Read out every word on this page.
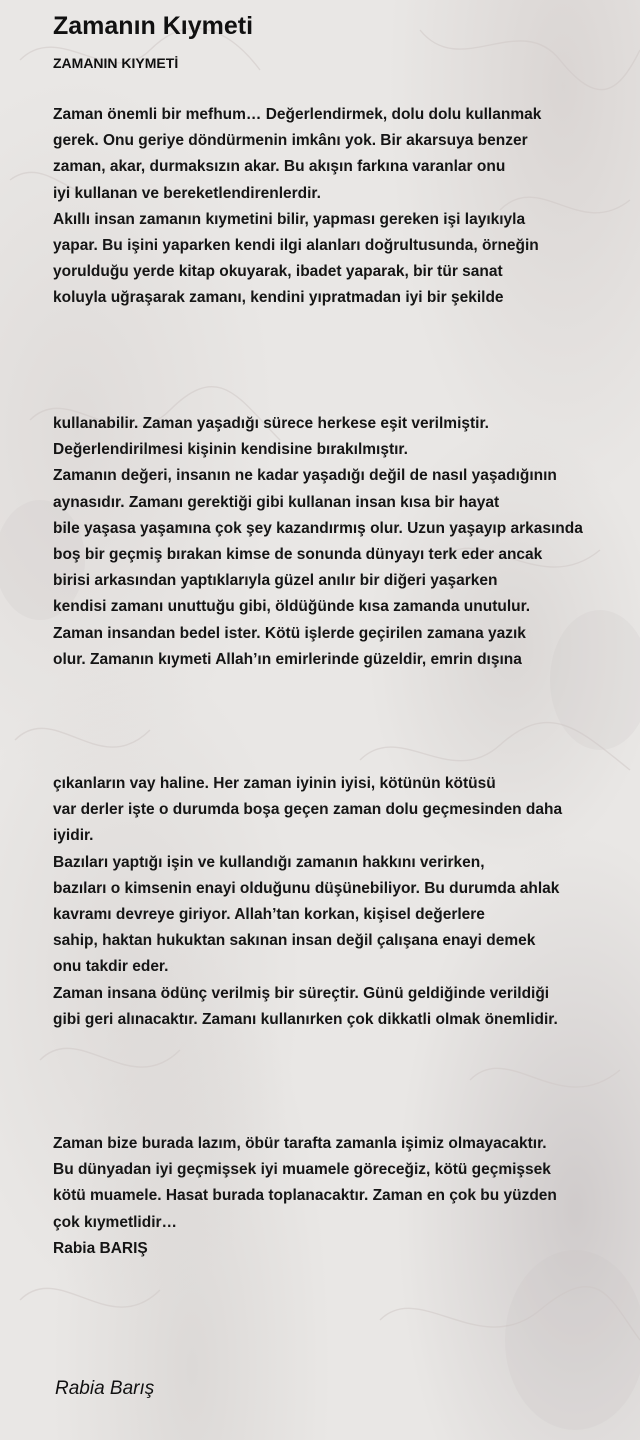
Zamanın Kıymeti
ZAMANIN KIYMETİ
Zaman önemli bir mefhum… Değerlendirmek, dolu dolu kullanmak
gerek. Onu geriye döndürmenin imkânı yok. Bir akarsuya benzer
zaman, akar, durmaksızın akar. Bu akışın farkına varanlar onu
iyi kullanan ve bereketlendirenlerdir.
Akıllı insan zamanın kıymetini bilir, yapması gereken işi layıkıyla
yapar. Bu işini yaparken kendi ilgi alanları doğrultusunda, örneğin
yorulduğu yerde kitap okuyarak, ibadet yaparak, bir tür sanat
koluyla uğraşarak zamanı, kendini yıpratmadan iyi bir şekilde
kullanabilir. Zaman yaşadığı sürece herkese eşit verilmiştir.
Değerlendirilmesi kişinin kendisine bırakılmıştır.
Zamanın değeri, insanın ne kadar yaşadığı değil de nasıl yaşadığının
aynasıdır. Zamanı gerektiği gibi kullanan insan kısa bir hayat
bile yaşasa yaşamına çok şey kazandırmış olur. Uzun yaşayıp arkasında
boş bir geçmiş bırakan kimse de sonunda dünyayı terk eder ancak
birisi arkasından yaptıklarıyla güzel anılır bir diğeri yaşarken
kendisi zamanı unuttuğu gibi, öldüğünde kısa zamanda unutulur.
Zaman insandan bedel ister. Kötü işlerde geçirilen zamana yazık
olur. Zamanın kıymeti Allah’ın emirlerinde güzeldir, emrin dışına
çıkanların vay haline. Her zaman iyinin iyisi, kötünün kötüsü
var derler işte o durumda boşa geçen zaman dolu geçmesinden daha
iyidir.
Bazıları yaptığı işin ve kullandığı zamanın hakkını verirken,
bazıları o kimsenin enayi olduğunu düşünebiliyor. Bu durumda ahlak
kavramı devreye giriyor. Allah’tan korkan, kişisel değerlere
sahip, haktan hukuktan sakınan insan değil çalışana enayi demek
onu takdir eder.
Zaman insana ödünç verilmiş bir süreçtir. Günü geldiğinde verildiği
gibi geri alınacaktır. Zamanı kullanırken çok dikkatli olmak önemlidir.
Zaman bize burada lazım, öbür tarafta zamanla işimiz olmayacaktır.
Bu dünyadan iyi geçmişsek iyi muamele göreceğiz, kötü geçmişsek
kötü muamele. Hasat burada toplanacaktır. Zaman en çok bu yüzden
çok kıymetlidir…
Rabia BARIŞ

Rabia Barış
